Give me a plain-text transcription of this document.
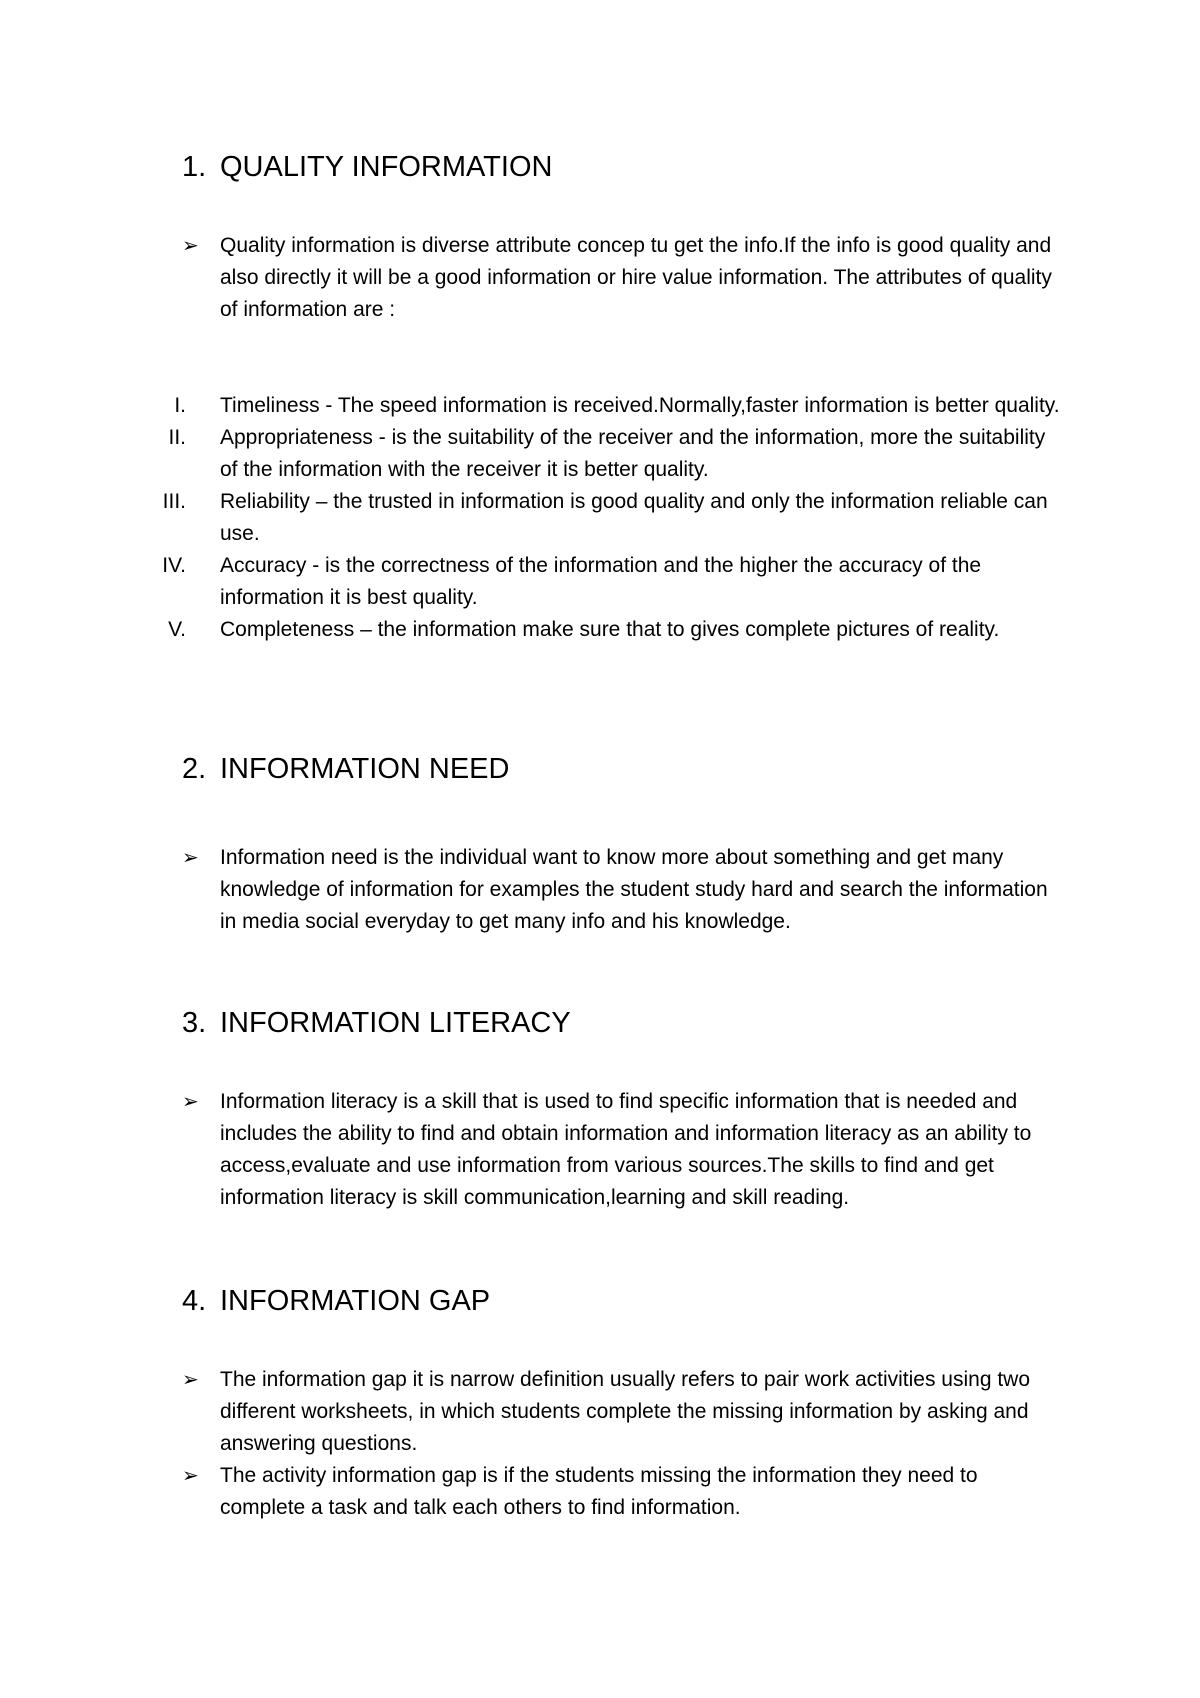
1. QUALITY INFORMATION

➢	Quality information is diverse attribute concep tu get the info.If the info is good quality and also directly it will be a good information or hire value information. The attributes of quality of information are :

I. Timeliness - The speed information is received.Normally,faster information is better quality.

II. Appropriateness - is the suitability of the receiver and the information, more the suitability of the information with the receiver it is better quality.

III. Reliability – the trusted in information is good quality and only the information reliable can use.

IV. Accuracy - is the correctness of the information and the higher the accuracy of the information it is best quality.

V. Completeness – the information make sure that to gives complete pictures of reality.

2. INFORMATION NEED

➢	Information need is the individual want to know more about something and get many knowledge of information for examples the student study hard and search the information in media social everyday to get many info and his knowledge.

3. INFORMATION LITERACY

➢	Information literacy is a skill that is used to find specific information that is needed and includes the ability to find and obtain information and information literacy as an ability to access,evaluate and use information from various sources.The skills to find and get information literacy is skill communication,learning and skill reading.

4. INFORMATION GAP

➢	The information gap it is narrow definition usually refers to pair work activities using two different worksheets, in which students complete the missing information by asking and answering questions.

➢	The activity information gap is if the students missing the information they need to complete a task and talk each others to find information.
